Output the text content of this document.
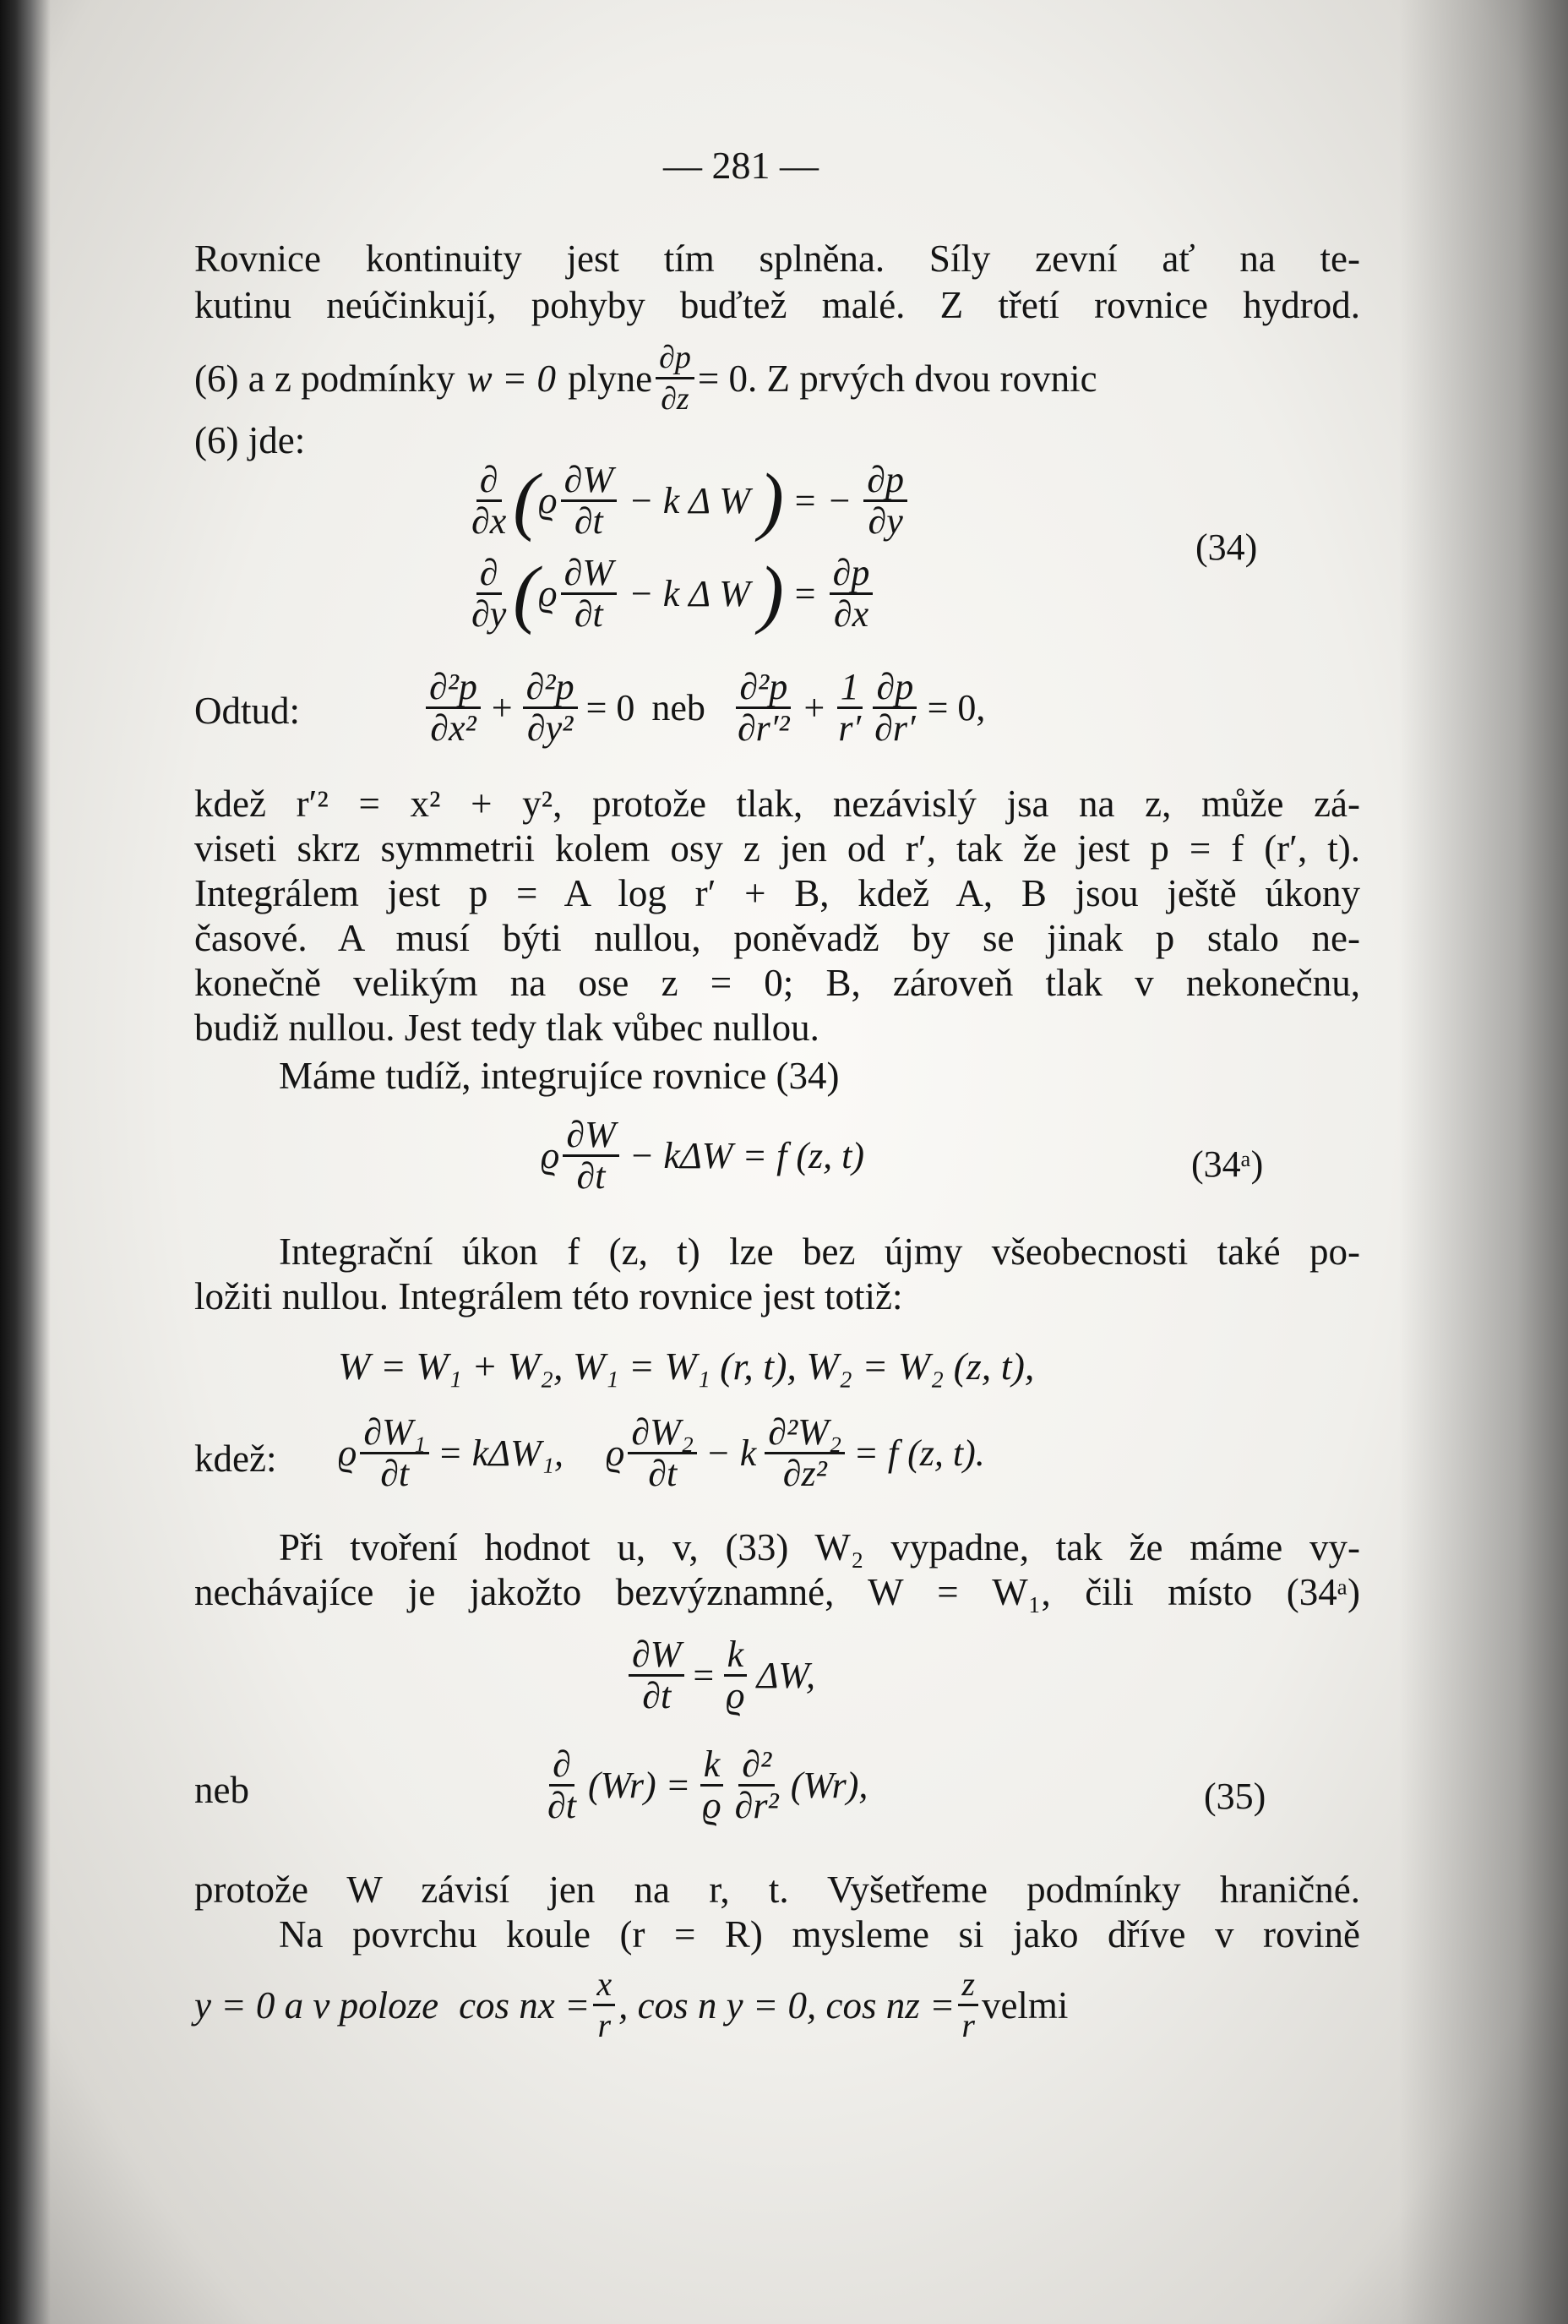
— 281 —
Rovnice kontinuity jest tím splněna. Síly zevní ať na te-
kutinu neúčinkují, pohyby buďtež malé. Z třetí rovnice hydrod.
(6) a z podmínky w = 0 plyne $\frac{\partial p}{\partial z} = 0$. Z prvých dvou rovnic
(6) jde:
$\frac{\partial}{\partial x}$ ( ϱ $\frac{\partial W}{\partial t} - k$ Δ W ) = − $\frac{\partial p}{\partial y}$
(34)
$\frac{\partial}{\partial y}$ ( ϱ $\frac{\partial W}{\partial t} - k$ Δ W ) = $\frac{\partial p}{\partial x}$
Odtud:	$\frac{\text{∂²p}}{\text{∂x²}} + \frac{\text{∂²p}}{\text{∂y²}} = 0$ neb $\frac{\text{∂²p}}{\text{∂r′²}} + \frac{1}{r'} \frac{\partial p}{\partial r'} = 0$,
kdež r′² = x² + y², protože tlak, nezávislý jsa na z, může zá-
viseti skrz symmetrii kolem osy z jen od r′, tak že jest p = f (r′, t).
Integrálem jest p = A log r′ + B, kdež A, B jsou ještě úkony
časové. A musí býti nullou, poněvadž by se jinak p stalo ne-
konečně velikým na ose z = 0; B, zároveň tlak v nekonečnu,
budiž nullou. Jest tedy tlak vůbec nullou.
Máme tudíž, integrujíce rovnice (34)
ϱ $\frac{\partial W}{\partial t} - k\Delta W = f$ (z, t)	(34ᵃ)
Integrační úkon f (z, t) lze bez újmy všeobecnosti také po-
ložiti nullou. Integrálem této rovnice jest totiž:
W = W₁ + W₂, W₁ = W₁ (r, t), W₂ = W₂ (z, t),
kdež: ϱ $\frac{\text{∂W₁}}{\partial t} = k\Delta W_1$, ϱ $\frac{\text{∂W₂}}{\partial t} - k \frac{\text{∂²W₂}}{\text{∂z²}} = f$ (z, t).
Při tvoření hodnot u, v, (33) W₂ vypadne, tak že máme vy-
nechávajíce je jakožto bezvýznamné, W = W₁, čili místo (34ᵃ)
$\frac{\partial W}{\partial t} = \frac{k}{ϱ} \Delta W$,
neb	$\frac{\partial}{\partial t} (Wr) = \frac{k}{ϱ} \frac{\text{∂²}}{\text{∂r²}} (Wr)$,	(35)
protože W závisí jen na r, t. Vyšetřeme podmínky hraničné.
Na povrchu koule (r = R) mysleme si jako dříve v rovině
y = 0 a v poloze cos nx = $\frac{x}{r}$ , cos n y = 0, cos nz = $\frac{z}{r}$ velmi
